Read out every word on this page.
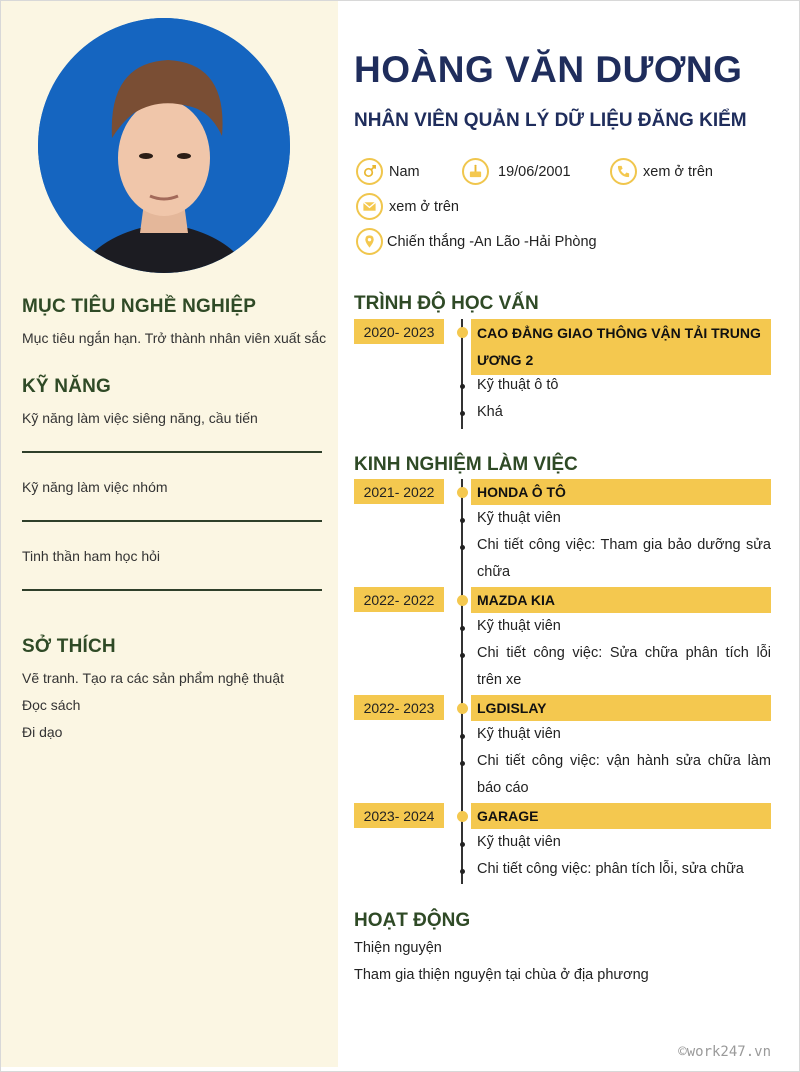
MỤC TIÊU NGHỀ NGHIỆP
Mục tiêu ngắn hạn. Trở thành nhân viên xuất sắc
KỸ NĂNG
Kỹ năng làm việc siêng năng, cầu tiến
Kỹ năng làm việc nhóm
Tinh thần ham học hỏi
SỞ THÍCH
Vẽ tranh. Tạo ra các sản phẩm nghệ thuật
Đọc sách
Đi dạo
HOÀNG VĂN DƯƠNG
NHÂN VIÊN QUẢN LÝ DỮ LIỆU ĐĂNG KIỂM
Nam	19/06/2001	xem ở trên
xem ở trên
Chiến thắng -An Lão -Hải Phòng
TRÌNH ĐỘ HỌC VẤN
2020- 2023	CAO ĐẲNG GIAO THÔNG VẬN TẢI TRUNG ƯƠNG 2
Kỹ thuật ô tô
Khá
KINH NGHIỆM LÀM VIỆC
2021- 2022	HONDA Ô TÔ
Kỹ thuật viên
Chi tiết công việc: Tham gia bảo dưỡng sửa chữa
2022- 2022	MAZDA KIA
Kỹ thuật viên
Chi tiết công việc: Sửa chữa phân tích lỗi trên xe
2022- 2023	LGDISLAY
Kỹ thuật viên
Chi tiết công việc: vận hành sửa chữa làm báo cáo
2023- 2024	GARAGE
Kỹ thuật viên
Chi tiết công việc: phân tích lỗi, sửa chữa
HOẠT ĐỘNG
Thiện nguyện
Tham gia thiện nguyện tại chùa ở địa phương
©work247.vn
